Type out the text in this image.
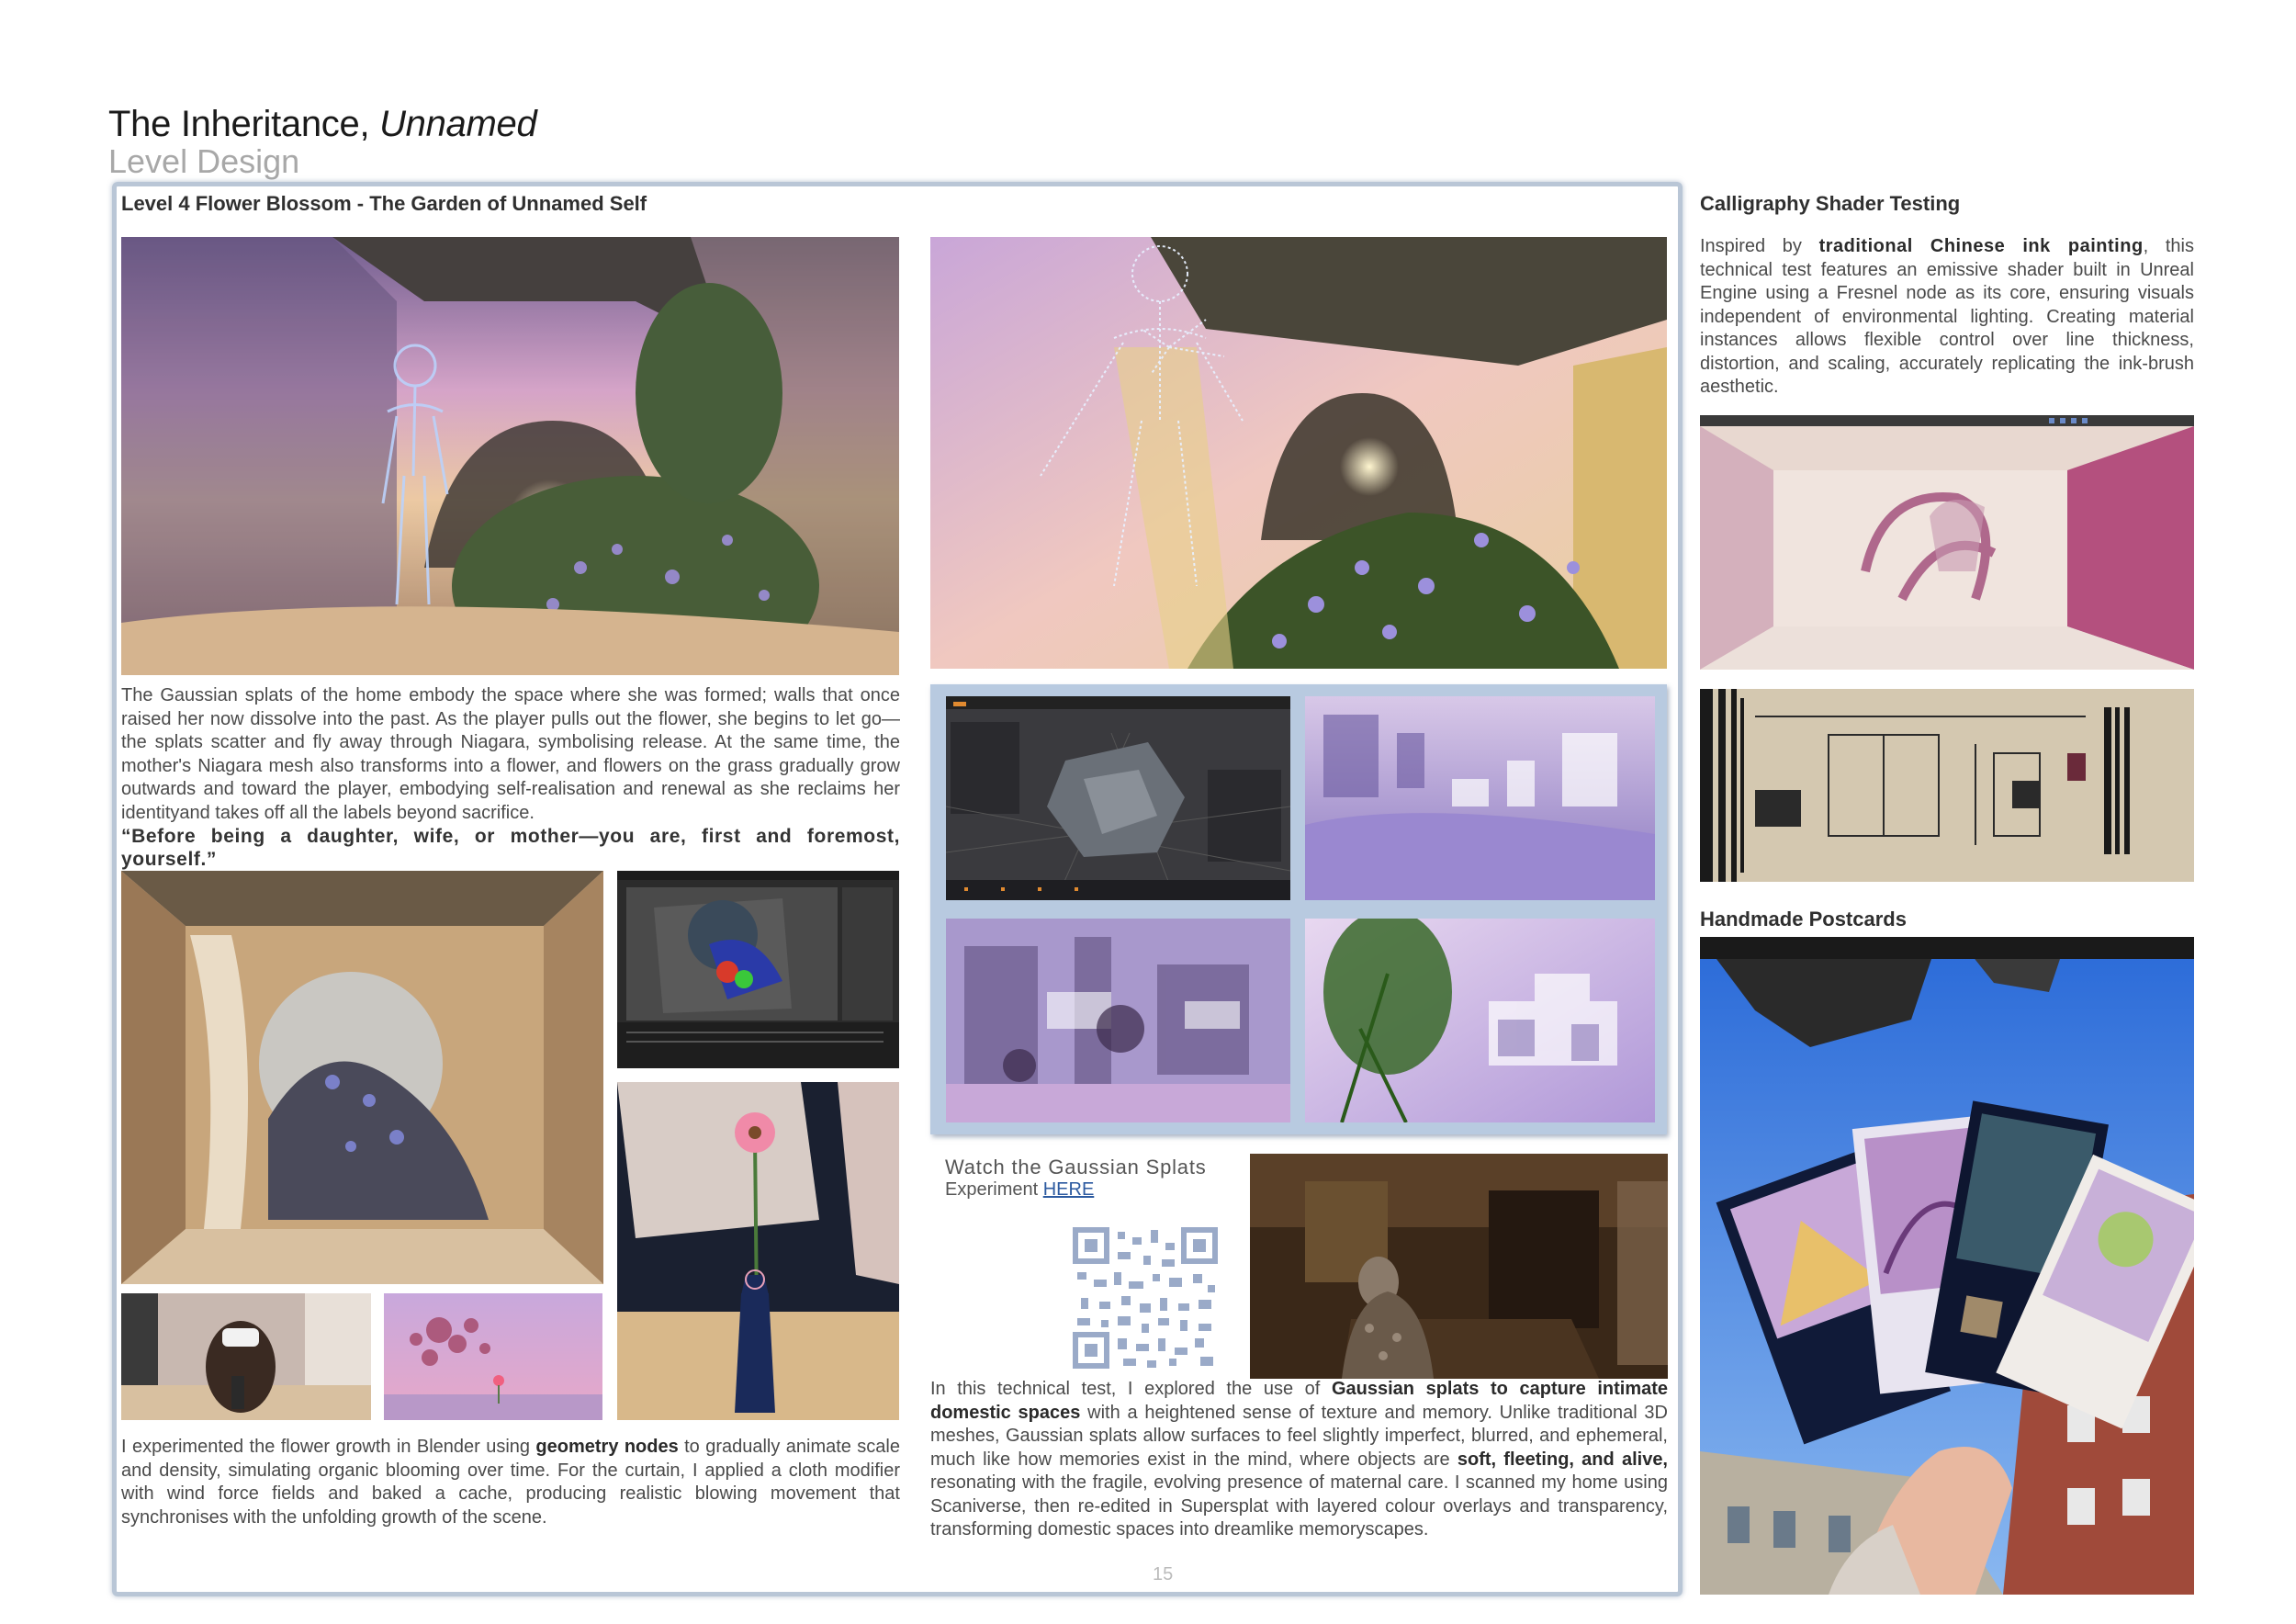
The Inheritance, Unnamed
Level Design
Level 4 Flower Blossom - The Garden of Unnamed Self
The Gaussian splats of the home embody the space where she was formed; walls that once raised her now dissolve into the past. As the player pulls out the flower, she begins to let go—the splats scatter and fly away through Niagara, symbolising release. At the same time, the mother's Niagara mesh also transforms into a flower, and flowers on the grass gradually grow outwards and toward the player, embodying self-realisation and renewal as she reclaims her identityand takes off all the labels beyond sacrifice.
“Before being a daughter, wife, or mother—you are, first and foremost, yourself.”
I experimented the flower growth in Blender using geometry nodes to gradually animate scale and density, simulating organic blooming over time. For the curtain, I applied a cloth modifier with wind force fields and baked a cache, producing realistic blowing movement that synchronises with the unfolding growth of the scene.
Watch the Gaussian Splats
Experiment HERE
In this technical test, I explored the use of Gaussian splats to capture intimate domestic spaces with a heightened sense of texture and memory. Unlike traditional 3D meshes, Gaussian splats allow surfaces to feel slightly imperfect, blurred, and ephemeral, much like how memories exist in the mind, where objects are soft, fleeting, and alive, resonating with the fragile, evolving presence of maternal care. I scanned my home using Scaniverse, then re-edited in Supersplat with layered colour overlays and transparency, transforming domestic spaces into dreamlike memoryscapes.
15
Calligraphy Shader Testing
Inspired by traditional Chinese ink painting, this technical test features an emissive shader built in Unreal Engine using a Fresnel node as its core, ensuring visuals independent of environmental lighting. Creating material instances allows flexible control over line thickness, distortion, and scaling, accurately replicating the ink-brush aesthetic.
Handmade Postcards
